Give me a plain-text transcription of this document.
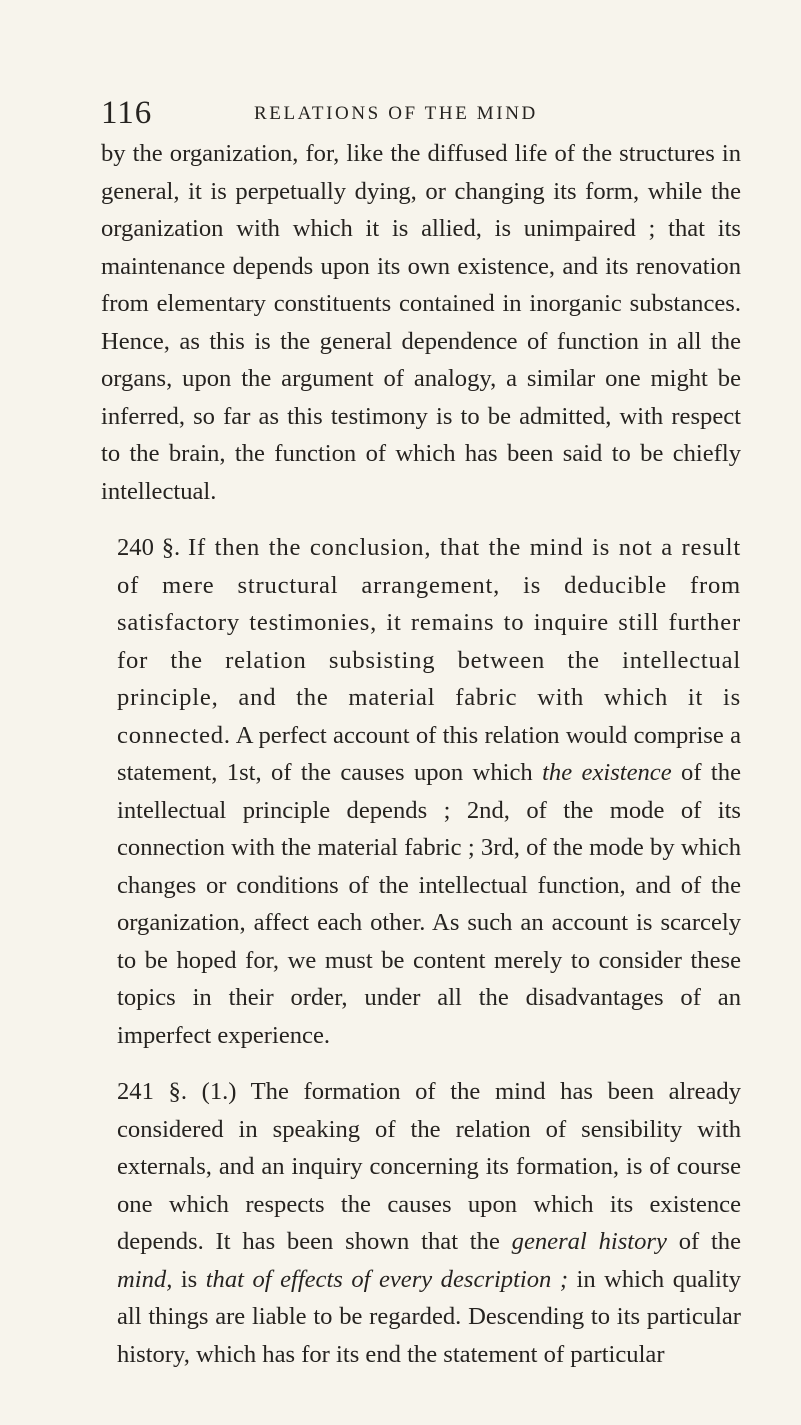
116	RELATIONS OF THE MIND

by the organization, for, like the diffused life of the structures in general, it is perpetually dying, or changing its form, while the organization with which it is allied, is unimpaired ; that its maintenance depends upon its own existence, and its renovation from elementary constituents contained in inorganic substances. Hence, as this is the general dependence of function in all the organs, upon the argument of analogy, a similar one might be inferred, so far as this testimony is to be admitted, with respect to the brain, the function of which has been said to be chiefly intellectual.

240 §. If then the conclusion, that the mind is not a result of mere structural arrangement, is deducible from satisfactory testimonies, it remains to inquire still further for the relation subsisting between the intellectual principle, and the material fabric with which it is connected. A perfect account of this relation would comprise a statement, 1st, of the causes upon which the existence of the intellectual principle depends ; 2nd, of the mode of its connection with the material fabric ; 3rd, of the mode by which changes or conditions of the intellectual function, and of the organization, affect each other. As such an account is scarcely to be hoped for, we must be content merely to consider these topics in their order, under all the disadvantages of an imperfect experience.

241 §. (1.) The formation of the mind has been already considered in speaking of the relation of sensibility with externals, and an inquiry concerning its formation, is of course one which respects the causes upon which its existence depends. It has been shown that the general history of the mind, is that of effects of every description ; in which quality all things are liable to be regarded. Descending to its particular history, which has for its end the statement of particular
